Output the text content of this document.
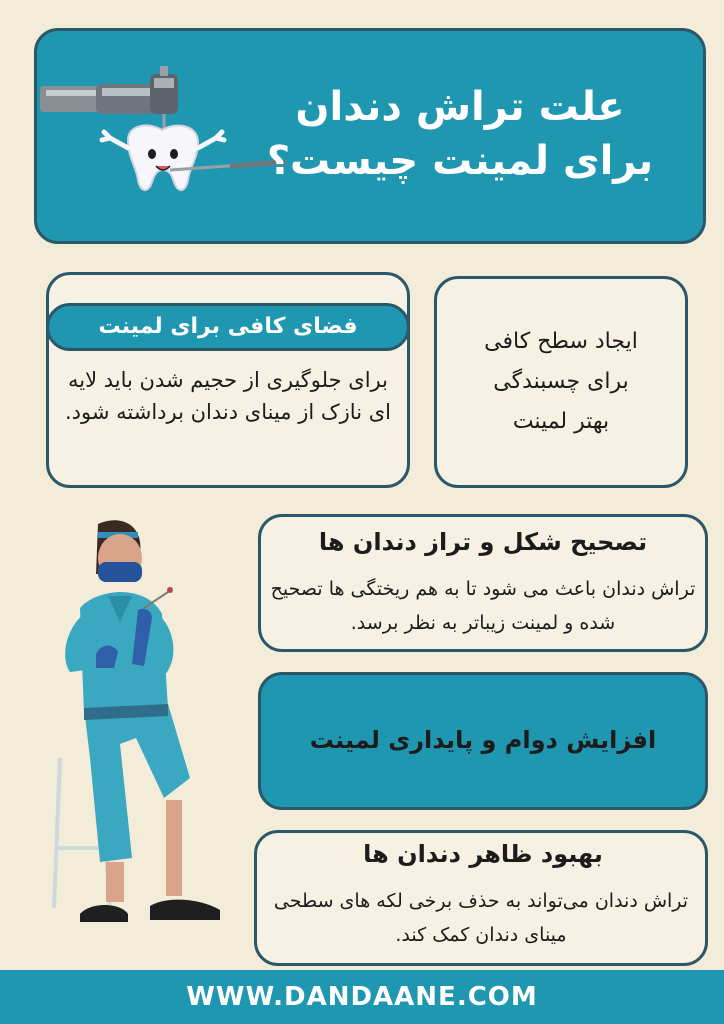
علت تراش دندان
برای لمینت چیست؟
فضای کافی برای لمینت
برای جلوگیری از حجیم شدن باید لایه ای نازک از مینای دندان برداشته شود.
ایجاد سطح کافی
برای چسبندگی
بهتر لمینت
تصحیح شکل و تراز دندان ها
تراش دندان باعث می شود تا به هم ریختگی ها تصحیح شده و لمینت زیباتر به نظر برسد.
افزایش دوام و پایداری لمینت
بهبود ظاهر دندان ها
تراش دندان می‌تواند به حذف برخی لکه های سطحی مینای دندان کمک کند.
WWW.DANDAANE.COM
